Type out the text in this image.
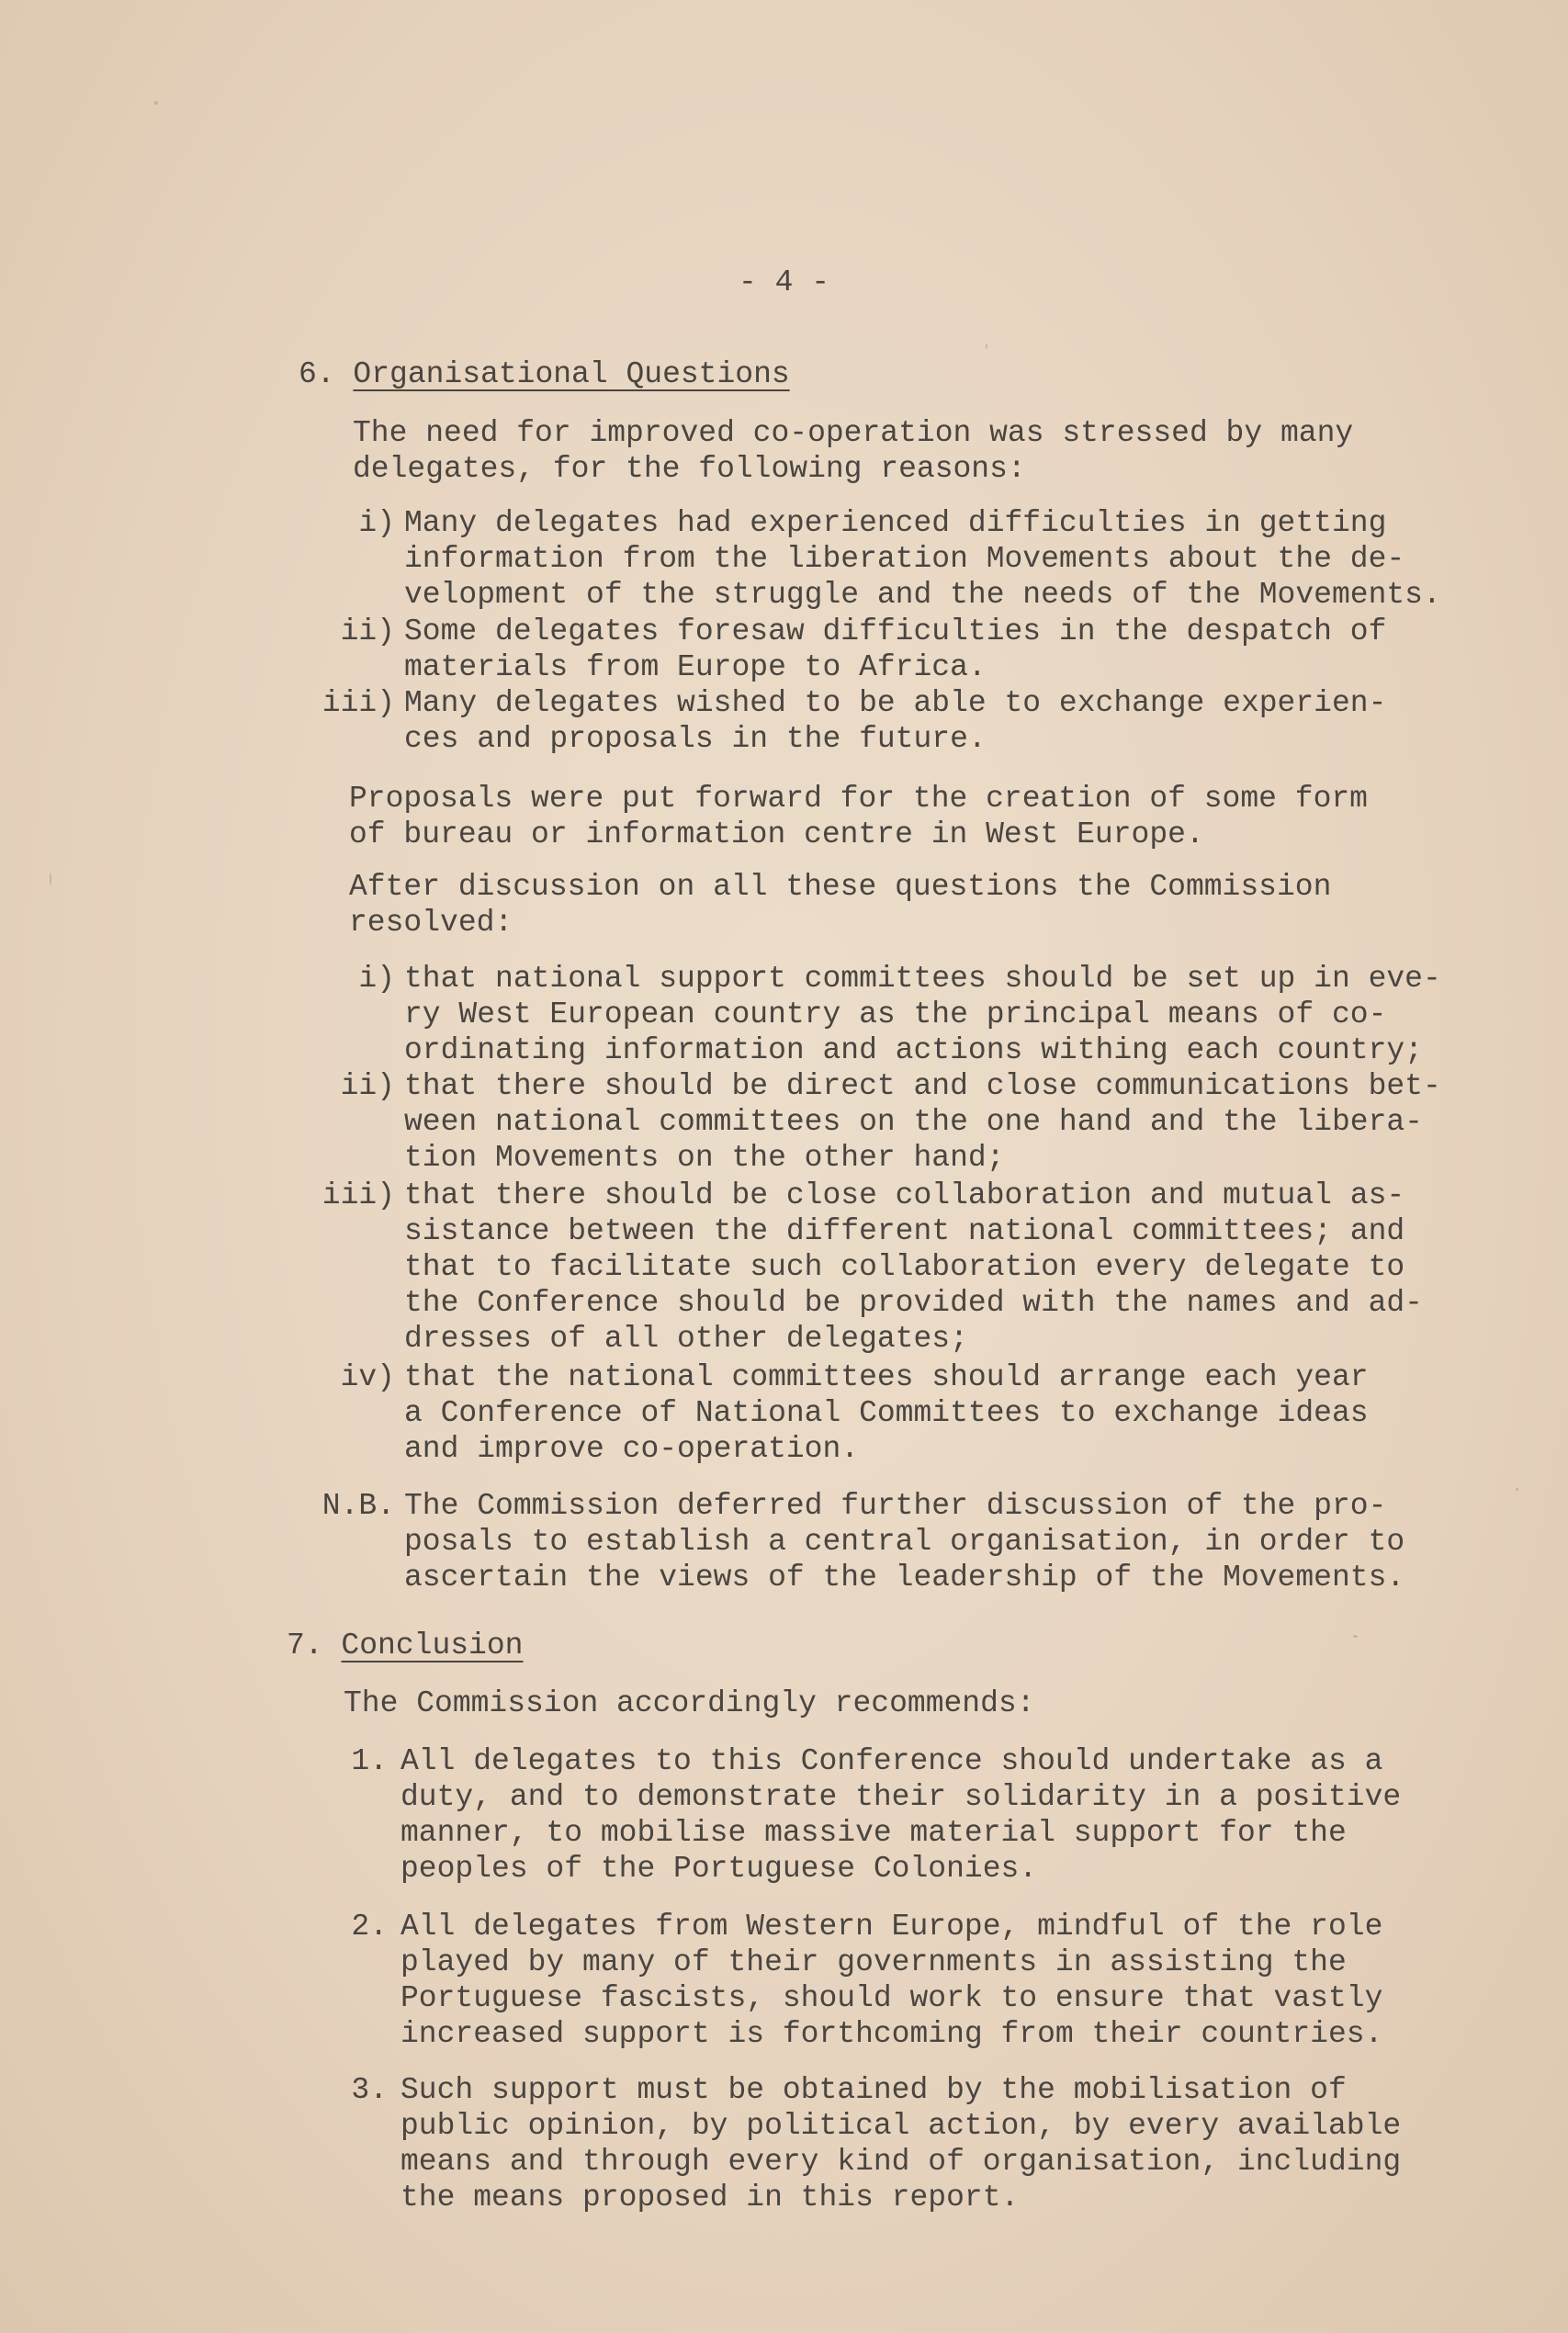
- 4 -
6. Organisational Questions
The need for improved co-operation was stressed by many
delegates, for the following reasons:
i) Many delegates had experienced difficulties in getting
information from the liberation Movements about the de-
velopment of the struggle and the needs of the Movements.
ii) Some delegates foresaw difficulties in the despatch of
materials from Europe to Africa.
iii) Many delegates wished to be able to exchange experien-
ces and proposals in the future.
Proposals were put forward for the creation of some form
of bureau or information centre in West Europe.
After discussion on all these questions the Commission
resolved:
i) that national support committees should be set up in eve-
ry West European country as the principal means of co-
ordinating information and actions withing each country;
ii) that there should be direct and close communications bet-
ween national committees on the one hand and the libera-
tion Movements on the other hand;
iii) that there should be close collaboration and mutual as-
sistance between the different national committees; and
that to facilitate such collaboration every delegate to
the Conference should be provided with the names and ad-
dresses of all other delegates;
iv) that the national committees should arrange each year
a Conference of National Committees to exchange ideas
and improve co-operation.
N.B. The Commission deferred further discussion of the pro-
posals to establish a central organisation, in order to
ascertain the views of the leadership of the Movements.
7. Conclusion
The Commission accordingly recommends:
1. All delegates to this Conference should undertake as a
duty, and to demonstrate their solidarity in a positive
manner, to mobilise massive material support for the
peoples of the Portuguese Colonies.
2. All delegates from Western Europe, mindful of the role
played by many of their governments in assisting the
Portuguese fascists, should work to ensure that vastly
increased support is forthcoming from their countries.
3. Such support must be obtained by the mobilisation of
public opinion, by political action, by every available
means and through every kind of organisation, including
the means proposed in this report.
